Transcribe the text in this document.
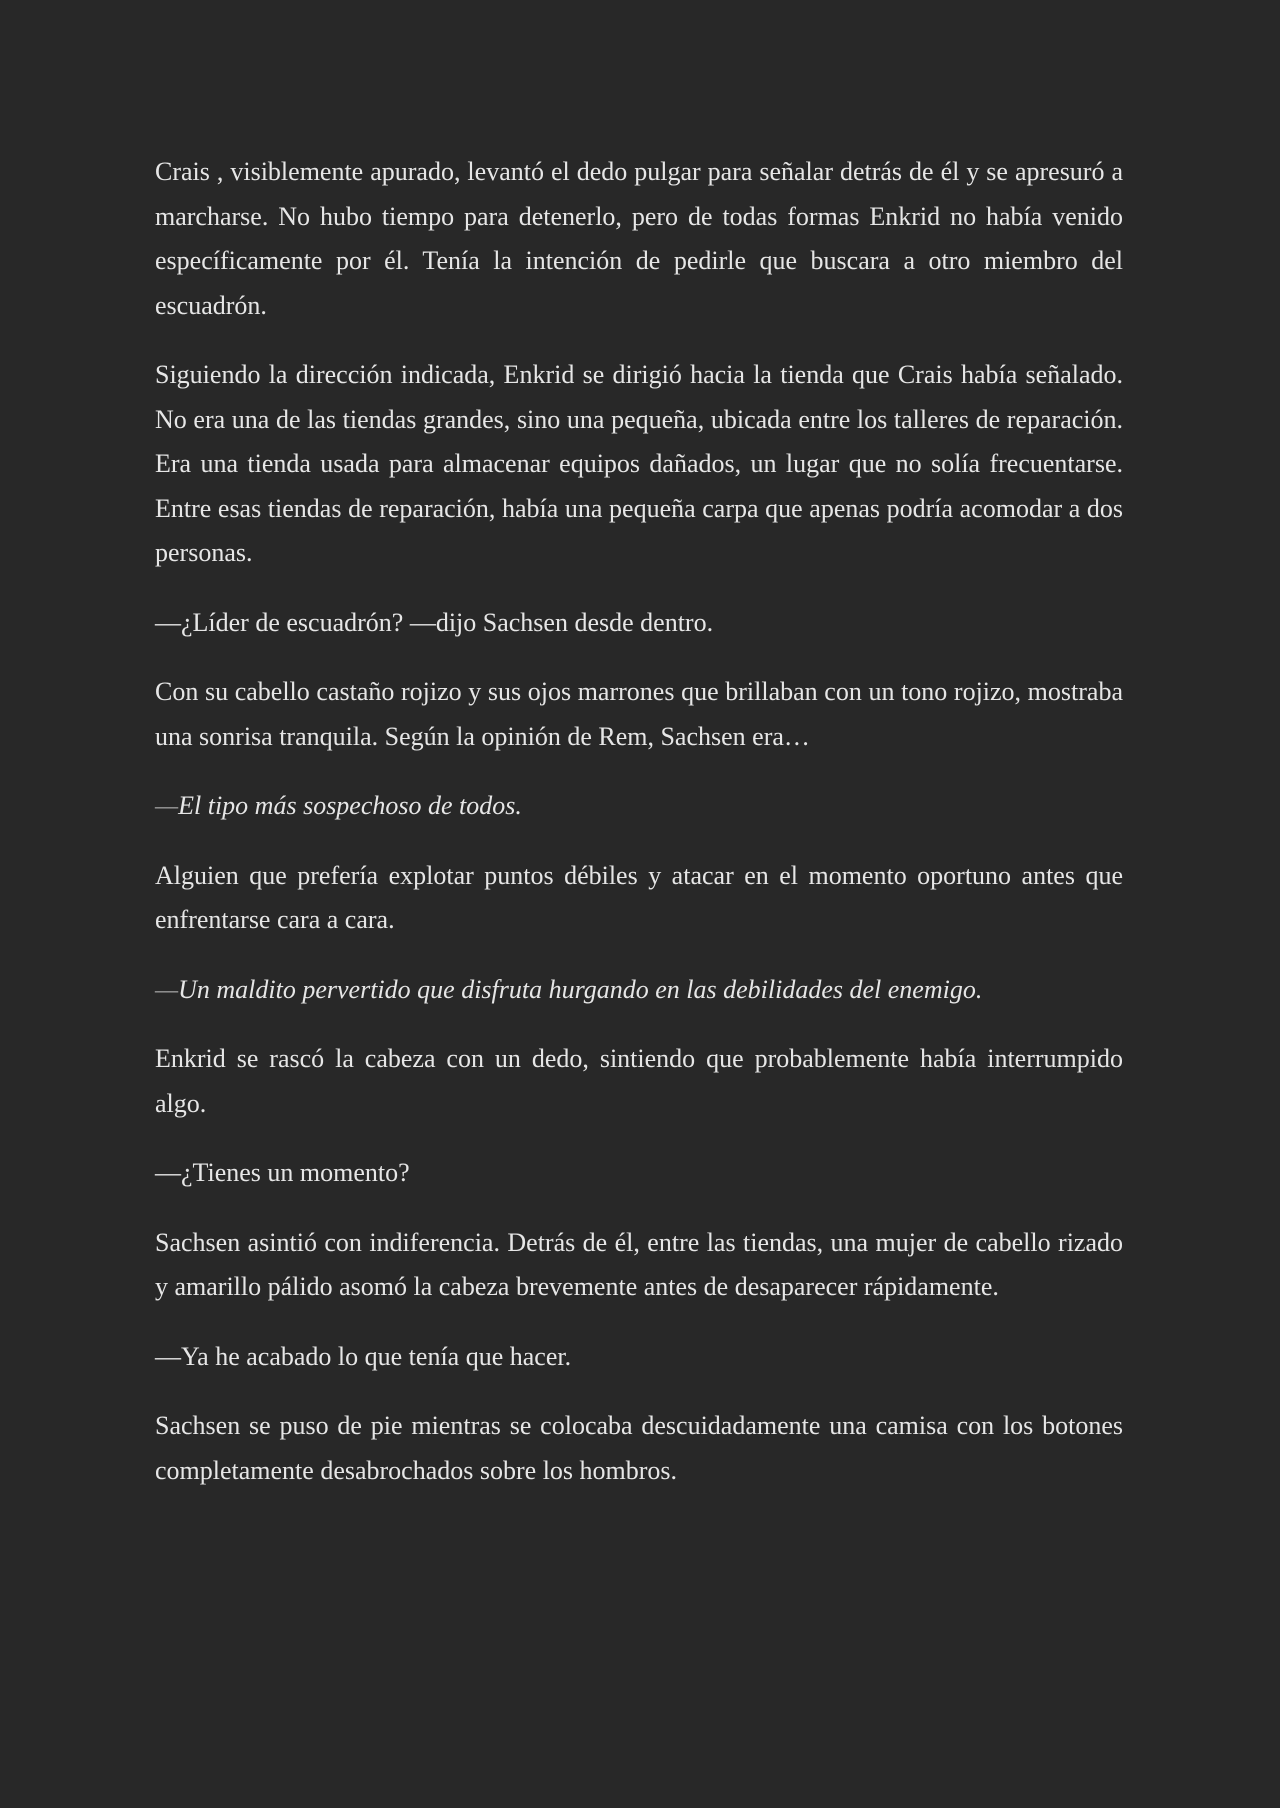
Crais , visiblemente apurado, levantó el dedo pulgar para señalar detrás de él y se apresuró a marcharse. No hubo tiempo para detenerlo, pero de todas formas Enkrid no había venido específicamente por él. Tenía la intención de pedirle que buscara a otro miembro del escuadrón.

Siguiendo la dirección indicada, Enkrid se dirigió hacia la tienda que Crais había señalado. No era una de las tiendas grandes, sino una pequeña, ubicada entre los talleres de reparación. Era una tienda usada para almacenar equipos dañados, un lugar que no solía frecuentarse. Entre esas tiendas de reparación, había una pequeña carpa que apenas podría acomodar a dos personas.

—¿Líder de escuadrón? —dijo Sachsen desde dentro.

Con su cabello castaño rojizo y sus ojos marrones que brillaban con un tono rojizo, mostraba una sonrisa tranquila. Según la opinión de Rem, Sachsen era…

—El tipo más sospechoso de todos.

Alguien que prefería explotar puntos débiles y atacar en el momento oportuno antes que enfrentarse cara a cara.

—Un maldito pervertido que disfruta hurgando en las debilidades del enemigo.

Enkrid se rascó la cabeza con un dedo, sintiendo que probablemente había interrumpido algo.

—¿Tienes un momento?

Sachsen asintió con indiferencia. Detrás de él, entre las tiendas, una mujer de cabello rizado y amarillo pálido asomó la cabeza brevemente antes de desaparecer rápidamente.

—Ya he acabado lo que tenía que hacer.

Sachsen se puso de pie mientras se colocaba descuidadamente una camisa con los botones completamente desabrochados sobre los hombros.
